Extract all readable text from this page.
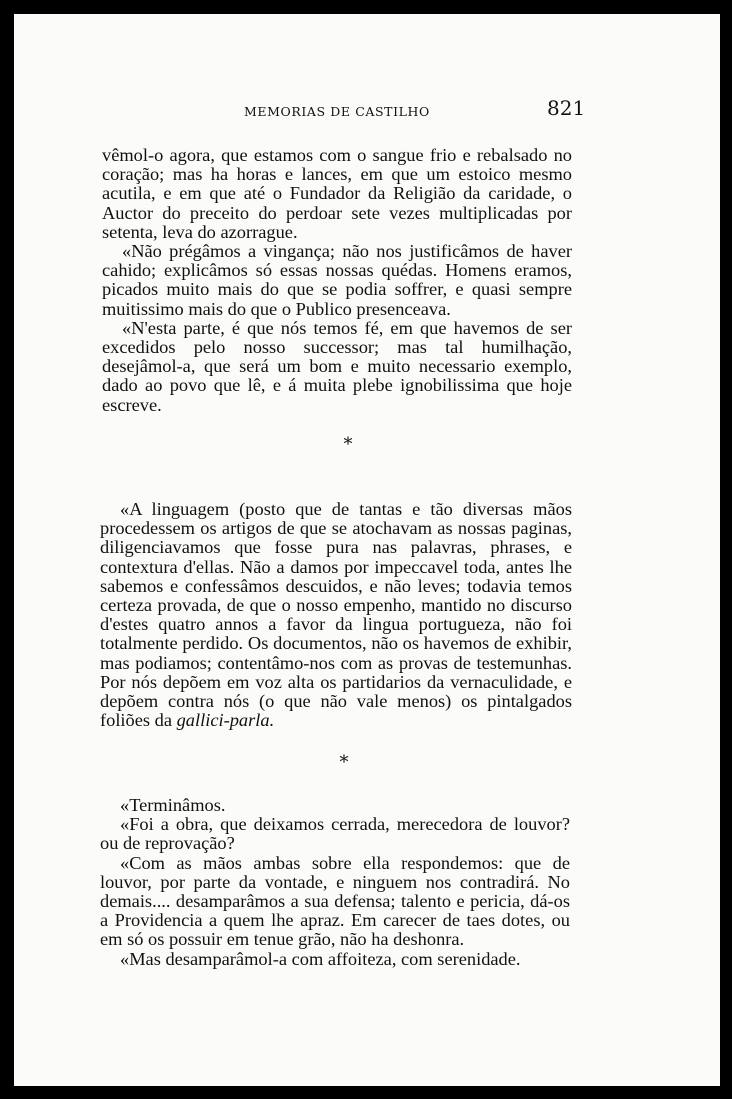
MEMORIAS DE CASTILHO	821

vêmol-o agora, que estamos com o sangue frio e rebalsado no coração; mas ha horas e lances, em que um estoico mesmo acutila, e em que até o Fundador da Religião da caridade, o Auctor do preceito do perdoar sete vezes multiplicadas por setenta, leva do azorrague.

«Não prégâmos a vingança; não nos justificâmos de haver cahido; explicâmos só essas nossas quédas. Homens eramos, picados muito mais do que se podia soffrer, e quasi sempre muitissimo mais do que o Publico presenceava.

«N'esta parte, é que nós temos fé, em que havemos de ser excedidos pelo nosso successor; mas tal humilhação, desejâmol-a, que será um bom e muito necessario exemplo, dado ao povo que lê, e á muita plebe ignobilissima que hoje escreve.

*

«A linguagem (posto que de tantas e tão diversas mãos procedessem os artigos de que se atochavam as nossas paginas, diligenciavamos que fosse pura nas palavras, phrases, e contextura d'ellas. Não a damos por impeccavel toda, antes lhe sabemos e confessâmos descuidos, e não leves; todavia temos certeza provada, de que o nosso empenho, mantido no discurso d'estes quatro annos a favor da lingua portugueza, não foi totalmente perdido. Os documentos, não os havemos de exhibir, mas podiamos; contentâmo-nos com as provas de testemunhas. Por nós depõem em voz alta os partidarios da vernaculidade, e depõem contra nós (o que não vale menos) os pintalgados foliões da gallici-parla.

*

«Terminâmos.

«Foi a obra, que deixamos cerrada, merecedora de louvor? ou de reprovação?

«Com as mãos ambas sobre ella respondemos: que de louvor, por parte da vontade, e ninguem nos contradirá. No demais.... desamparâmos a sua defensa; talento e pericia, dá-os a Providencia a quem lhe apraz. Em carecer de taes dotes, ou em só os possuir em tenue grão, não ha deshonra.

«Mas desamparâmol-a com affoiteza, com serenidade.
